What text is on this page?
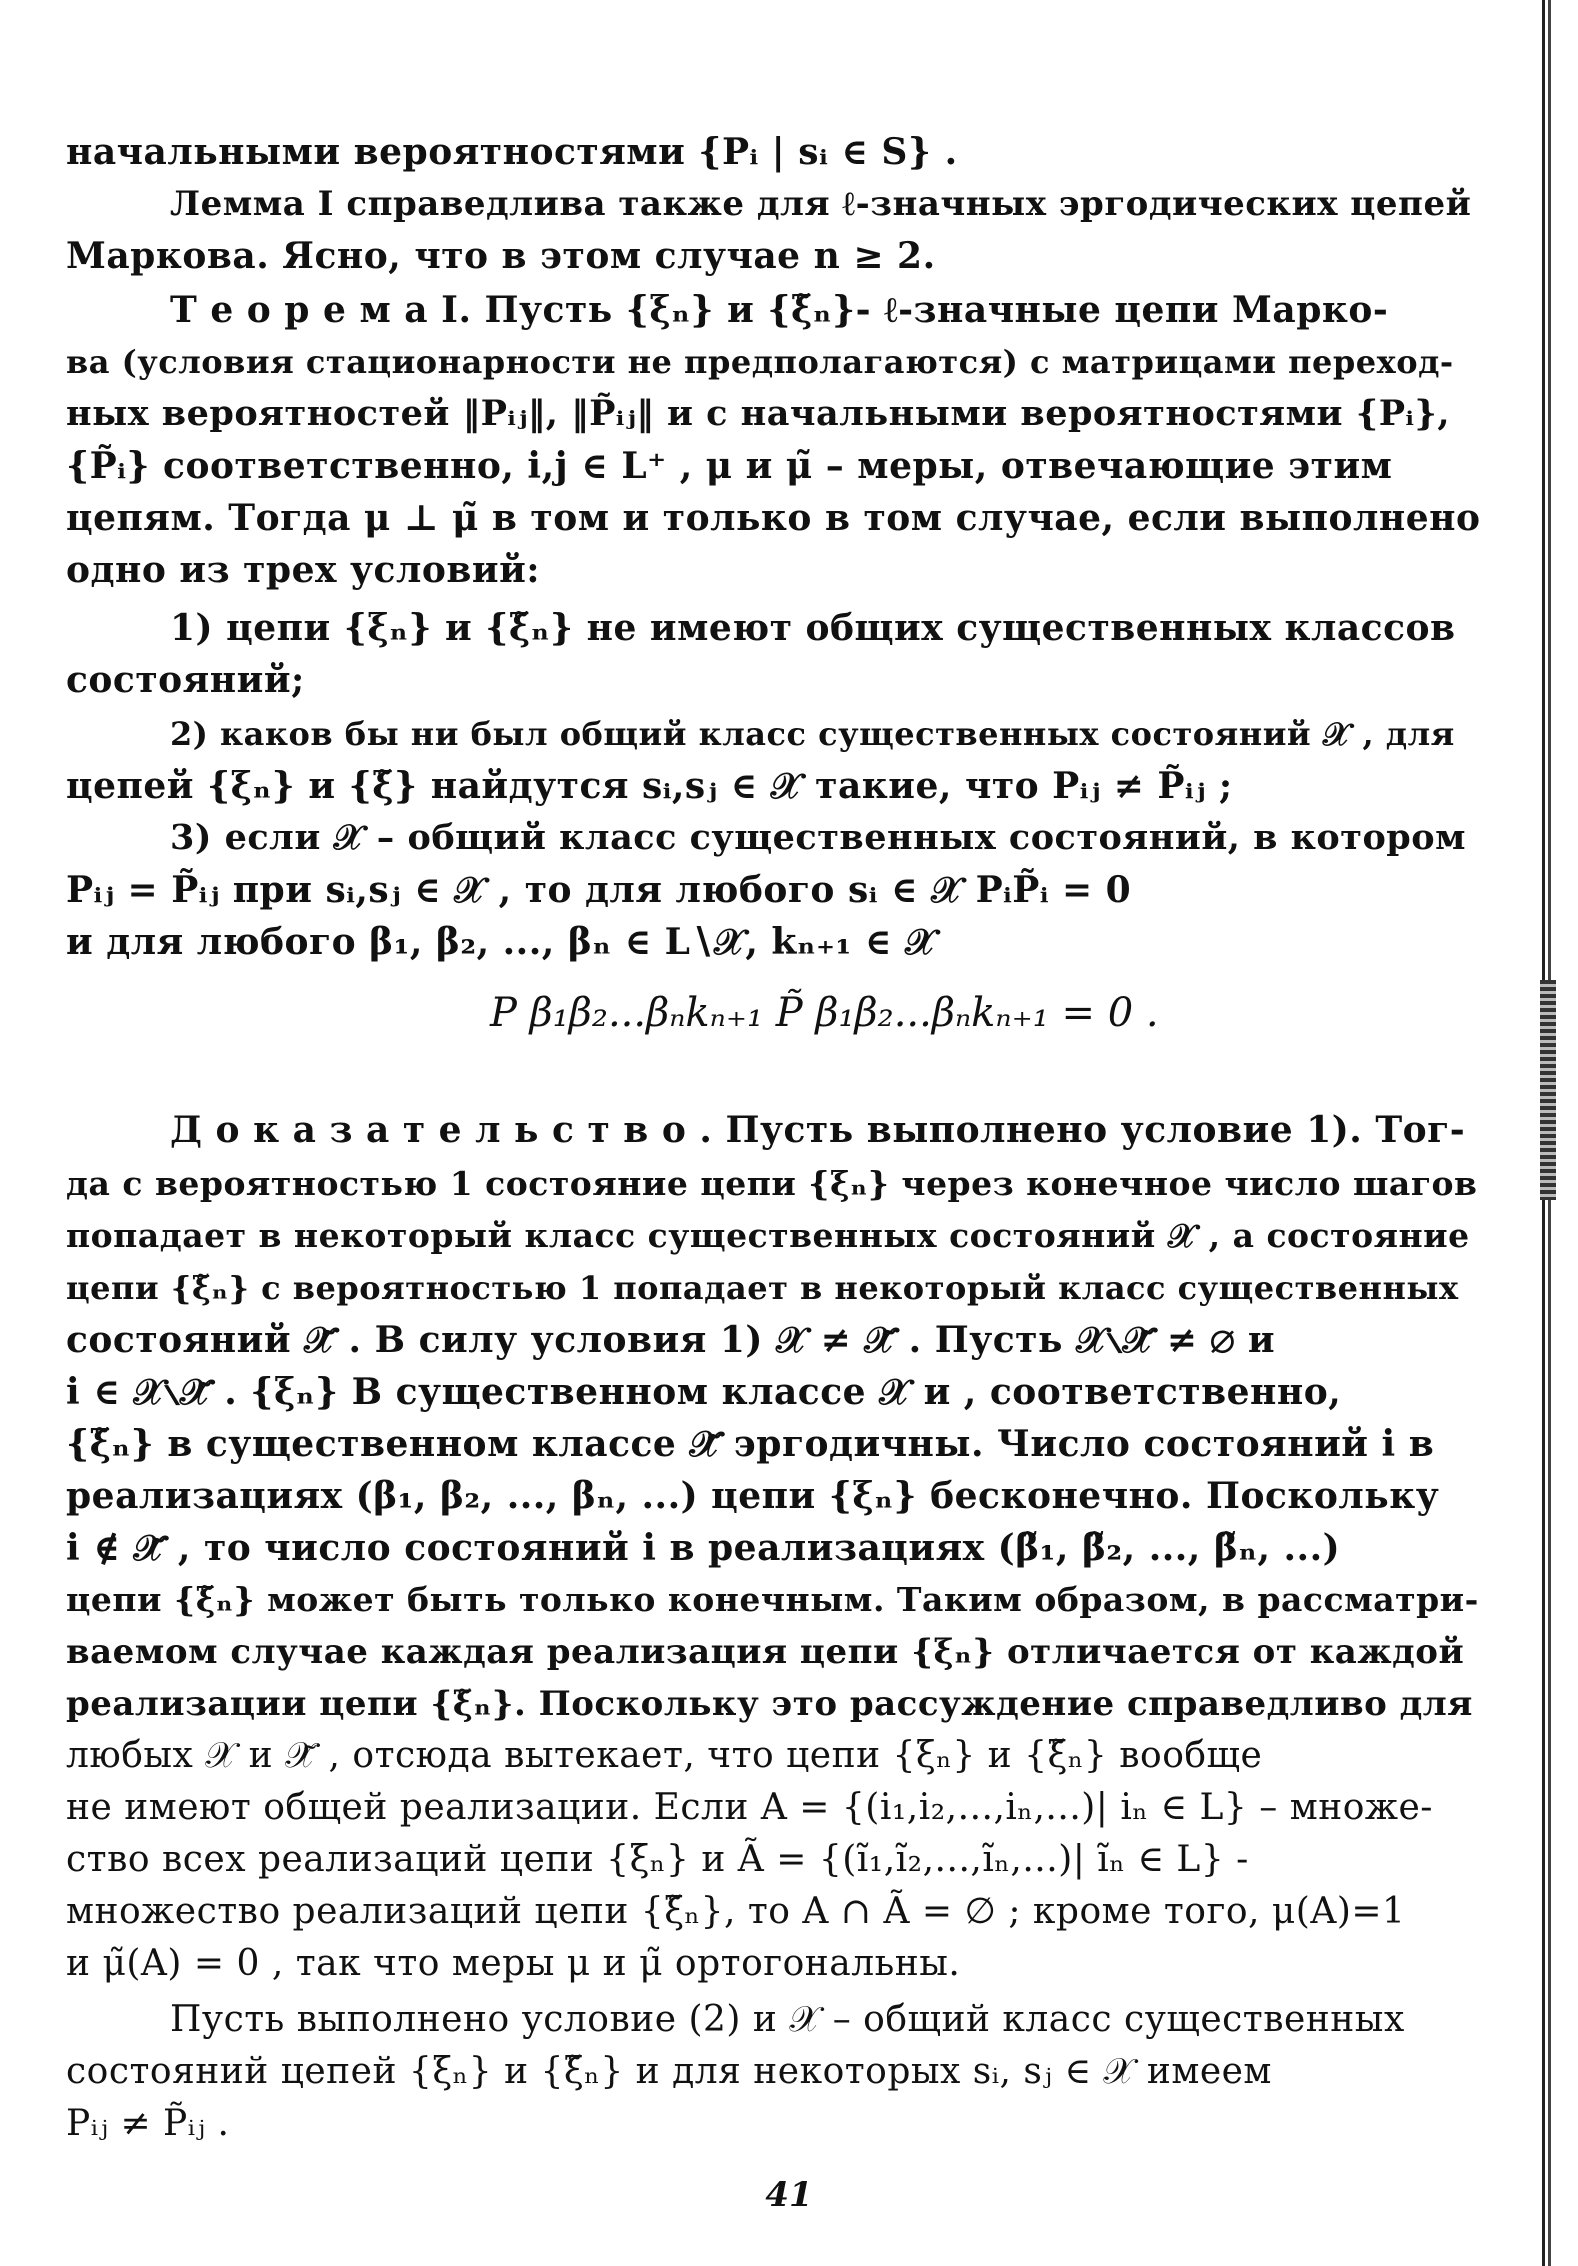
начальными вероятностями {Pᵢ | sᵢ ∈ S} .
Лемма I справедлива также для ℓ-значных эргодических цепей
Маркова. Ясно, что в этом случае n ≥ 2.
Т е о р е м а I. Пусть {ξₙ} и {ξ̃ₙ}- ℓ-значные цепи Марко-
ва (условия стационарности не предполагаются) с матрицами переход-
ных вероятностей ‖Pᵢⱼ‖, ‖P̃ᵢⱼ‖ и с начальными вероятностями {Pᵢ},
{P̃ᵢ} соответственно, i,j ∈ L⁺ , μ и μ̃ – меры, отвечающие этим
цепям. Тогда μ ⊥ μ̃ в том и только в том случае, если выполнено
одно из трех условий:
1) цепи {ξₙ} и {ξ̃ₙ} не имеют общих существенных классов
состояний;
2) каков бы ни был общий класс существенных состояний 𝒳 , для
цепей {ξₙ} и {ξ̃} найдутся sᵢ,sⱼ ∈ 𝒳 такие, что Pᵢⱼ ≠ P̃ᵢⱼ ;
3) если 𝒳 – общий класс существенных состояний, в котором
Pᵢⱼ = P̃ᵢⱼ при sᵢ,sⱼ ∈ 𝒳 , то для любого sᵢ ∈ 𝒳 PᵢP̃ᵢ = 0
и для любого β₁, β₂, ..., βₙ ∈ L∖𝒳, kₙ₊₁ ∈ 𝒳
P β₁β₂...βₙkₙ₊₁ P̃ β₁β₂...βₙkₙ₊₁ = 0 .
Д о к а з а т е л ь с т в о . Пусть выполнено условие 1). Тог-
да с вероятностью 1 состояние цепи {ξₙ} через конечное число шагов
попадает в некоторый класс существенных состояний 𝒳 , а состояние
цепи {ξ̃ₙ} с вероятностью 1 попадает в некоторый класс существенных
состояний 𝒳̃ . В силу условия 1) 𝒳 ≠ 𝒳̃ . Пусть 𝒳∖𝒳̃ ≠ ∅ и
i ∈ 𝒳∖𝒳̃ . {ξₙ} В существенном классе 𝒳 и , соответственно,
{ξ̃ₙ} в существенном классе 𝒳̃ эргодичны. Число состояний i в
реализациях (β₁, β₂, ..., βₙ, ...) цепи {ξₙ} бесконечно. Поскольку
i ∉ 𝒳̃ , то число состояний i в реализациях (β̃₁, β̃₂, ..., β̃ₙ, ...)
цепи {ξ̃ₙ} может быть только конечным. Таким образом, в рассматри-
ваемом случае каждая реализация цепи {ξₙ} отличается от каждой
реализации цепи {ξ̃ₙ}. Поскольку это рассуждение справедливо для
любых 𝒳 и 𝒳̃ , отсюда вытекает, что цепи {ξₙ} и {ξ̃ₙ} вообще
не имеют общей реализации. Если A = {(i₁,i₂,...,iₙ,...)| iₙ ∈ L} – множе-
ство всех реализаций цепи {ξₙ} и Ã = {(ĩ₁,ĩ₂,...,ĩₙ,...)| ĩₙ ∈ L} -
множество реализаций цепи {ξ̃ₙ}, то A ∩ Ã = ∅ ; кроме того, μ(A)=1
и μ̃(A) = 0 , так что меры μ и μ̃ ортогональны.
Пусть выполнено условие (2) и 𝒳 – общий класс существенных
состояний цепей {ξₙ} и {ξ̃ₙ} и для некоторых sᵢ, sⱼ ∈ 𝒳 имеем
Pᵢⱼ ≠ P̃ᵢⱼ .
41
